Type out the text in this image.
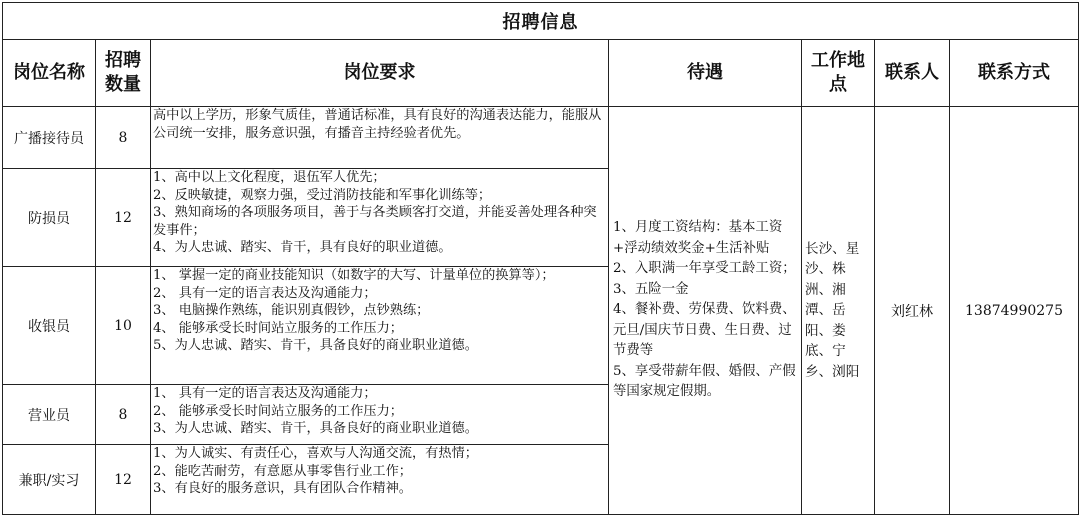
招聘信息						
岗位名称	招聘数量	岗位要求	待遇	工作地点	联系人	联系方式
广播接待员	8	高中以上学历，形象气质佳，普通话标准，具有良好的沟通表达能力，能服从公司统一安排，服务意识强，有播音主持经验者优先。	1、月度工资结构：基本工资+浮动绩效奖金+生活补贴
2、入职满一年享受工龄工资；
3、五险一金
4、餐补费、劳保费、饮料费、元旦/国庆节日费、生日费、过节费等
5、享受带薪年假、婚假、产假等国家规定假期。	长沙、星沙、株洲、湘潭、岳阳、娄底、宁乡、浏阳	刘红林	13874990275
防损员	12	1、高中以上文化程度，退伍军人优先；
2、反映敏捷，观察力强，受过消防技能和军事化训练等；
3、熟知商场的各项服务项目，善于与各类顾客打交道，并能妥善处理各种突发事件；
4、为人忠诚、踏实、肯干，具有良好的职业道德。				

收银员	10	1、 掌握一定的商业技能知识（如数字的大写、计量单位的换算等）；
2、 具有一定的语言表达及沟通能力；
3、 电脑操作熟练，能识别真假钞，点钞熟练；
4、 能够承受长时间站立服务的工作压力；
5、为人忠诚、踏实、肯干，具备良好的商业职业道德。				

营业员	8	1、 具有一定的语言表达及沟通能力；
2、 能够承受长时间站立服务的工作压力；
3、为人忠诚、踏实、肯干，具备良好的商业职业道德。				

兼职/实习	12	1、为人诚实、有责任心，喜欢与人沟通交流，有热情；
2、能吃苦耐劳，有意愿从事零售行业工作；
3、有良好的服务意识，具有团队合作精神。				
